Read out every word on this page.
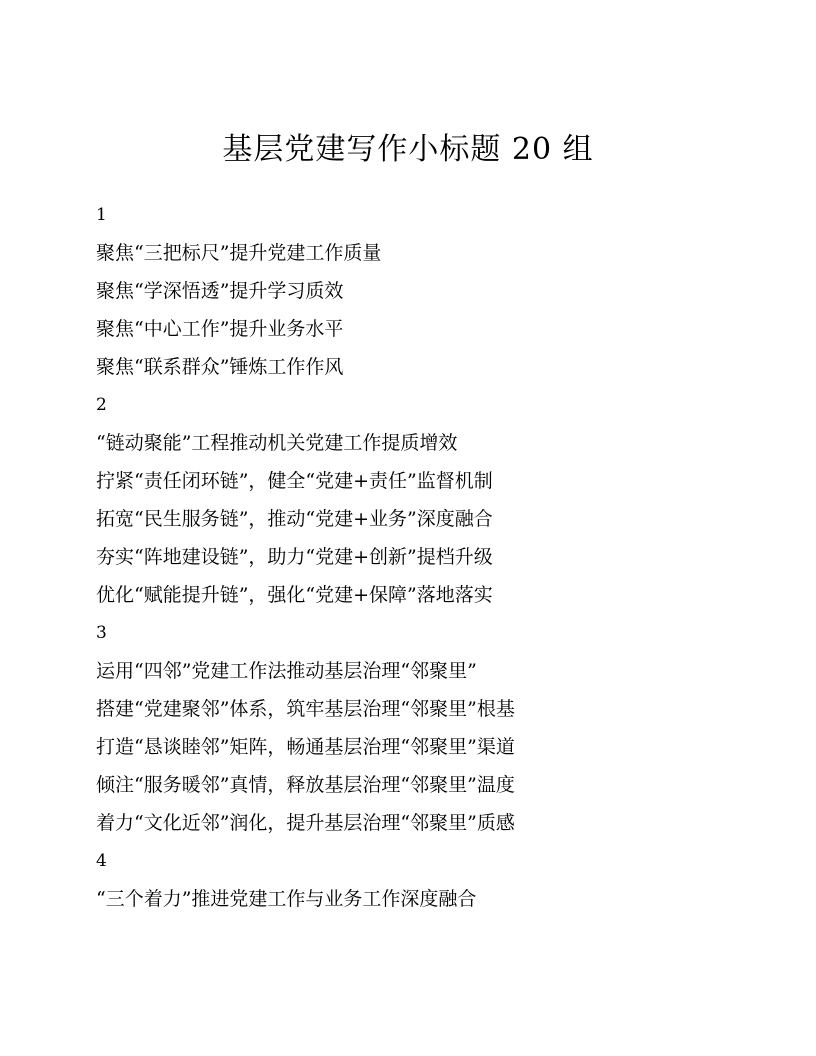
基层党建写作小标题 20 组
1
聚焦“三把标尺”提升党建工作质量
聚焦“学深悟透”提升学习质效
聚焦“中心工作”提升业务水平
聚焦“联系群众”锤炼工作作风
2
“链动聚能”工程推动机关党建工作提质增效
拧紧“责任闭环链”，健全“党建+责任”监督机制
拓宽“民生服务链”，推动“党建+业务”深度融合
夯实“阵地建设链”，助力“党建+创新”提档升级
优化“赋能提升链”，强化“党建+保障”落地落实
3
运用“四邻”党建工作法推动基层治理“邻聚里”
搭建“党建聚邻”体系，筑牢基层治理“邻聚里”根基
打造“恳谈睦邻”矩阵，畅通基层治理“邻聚里”渠道
倾注“服务暖邻”真情，释放基层治理“邻聚里”温度
着力“文化近邻”润化，提升基层治理“邻聚里”质感
4
“三个着力”推进党建工作与业务工作深度融合
